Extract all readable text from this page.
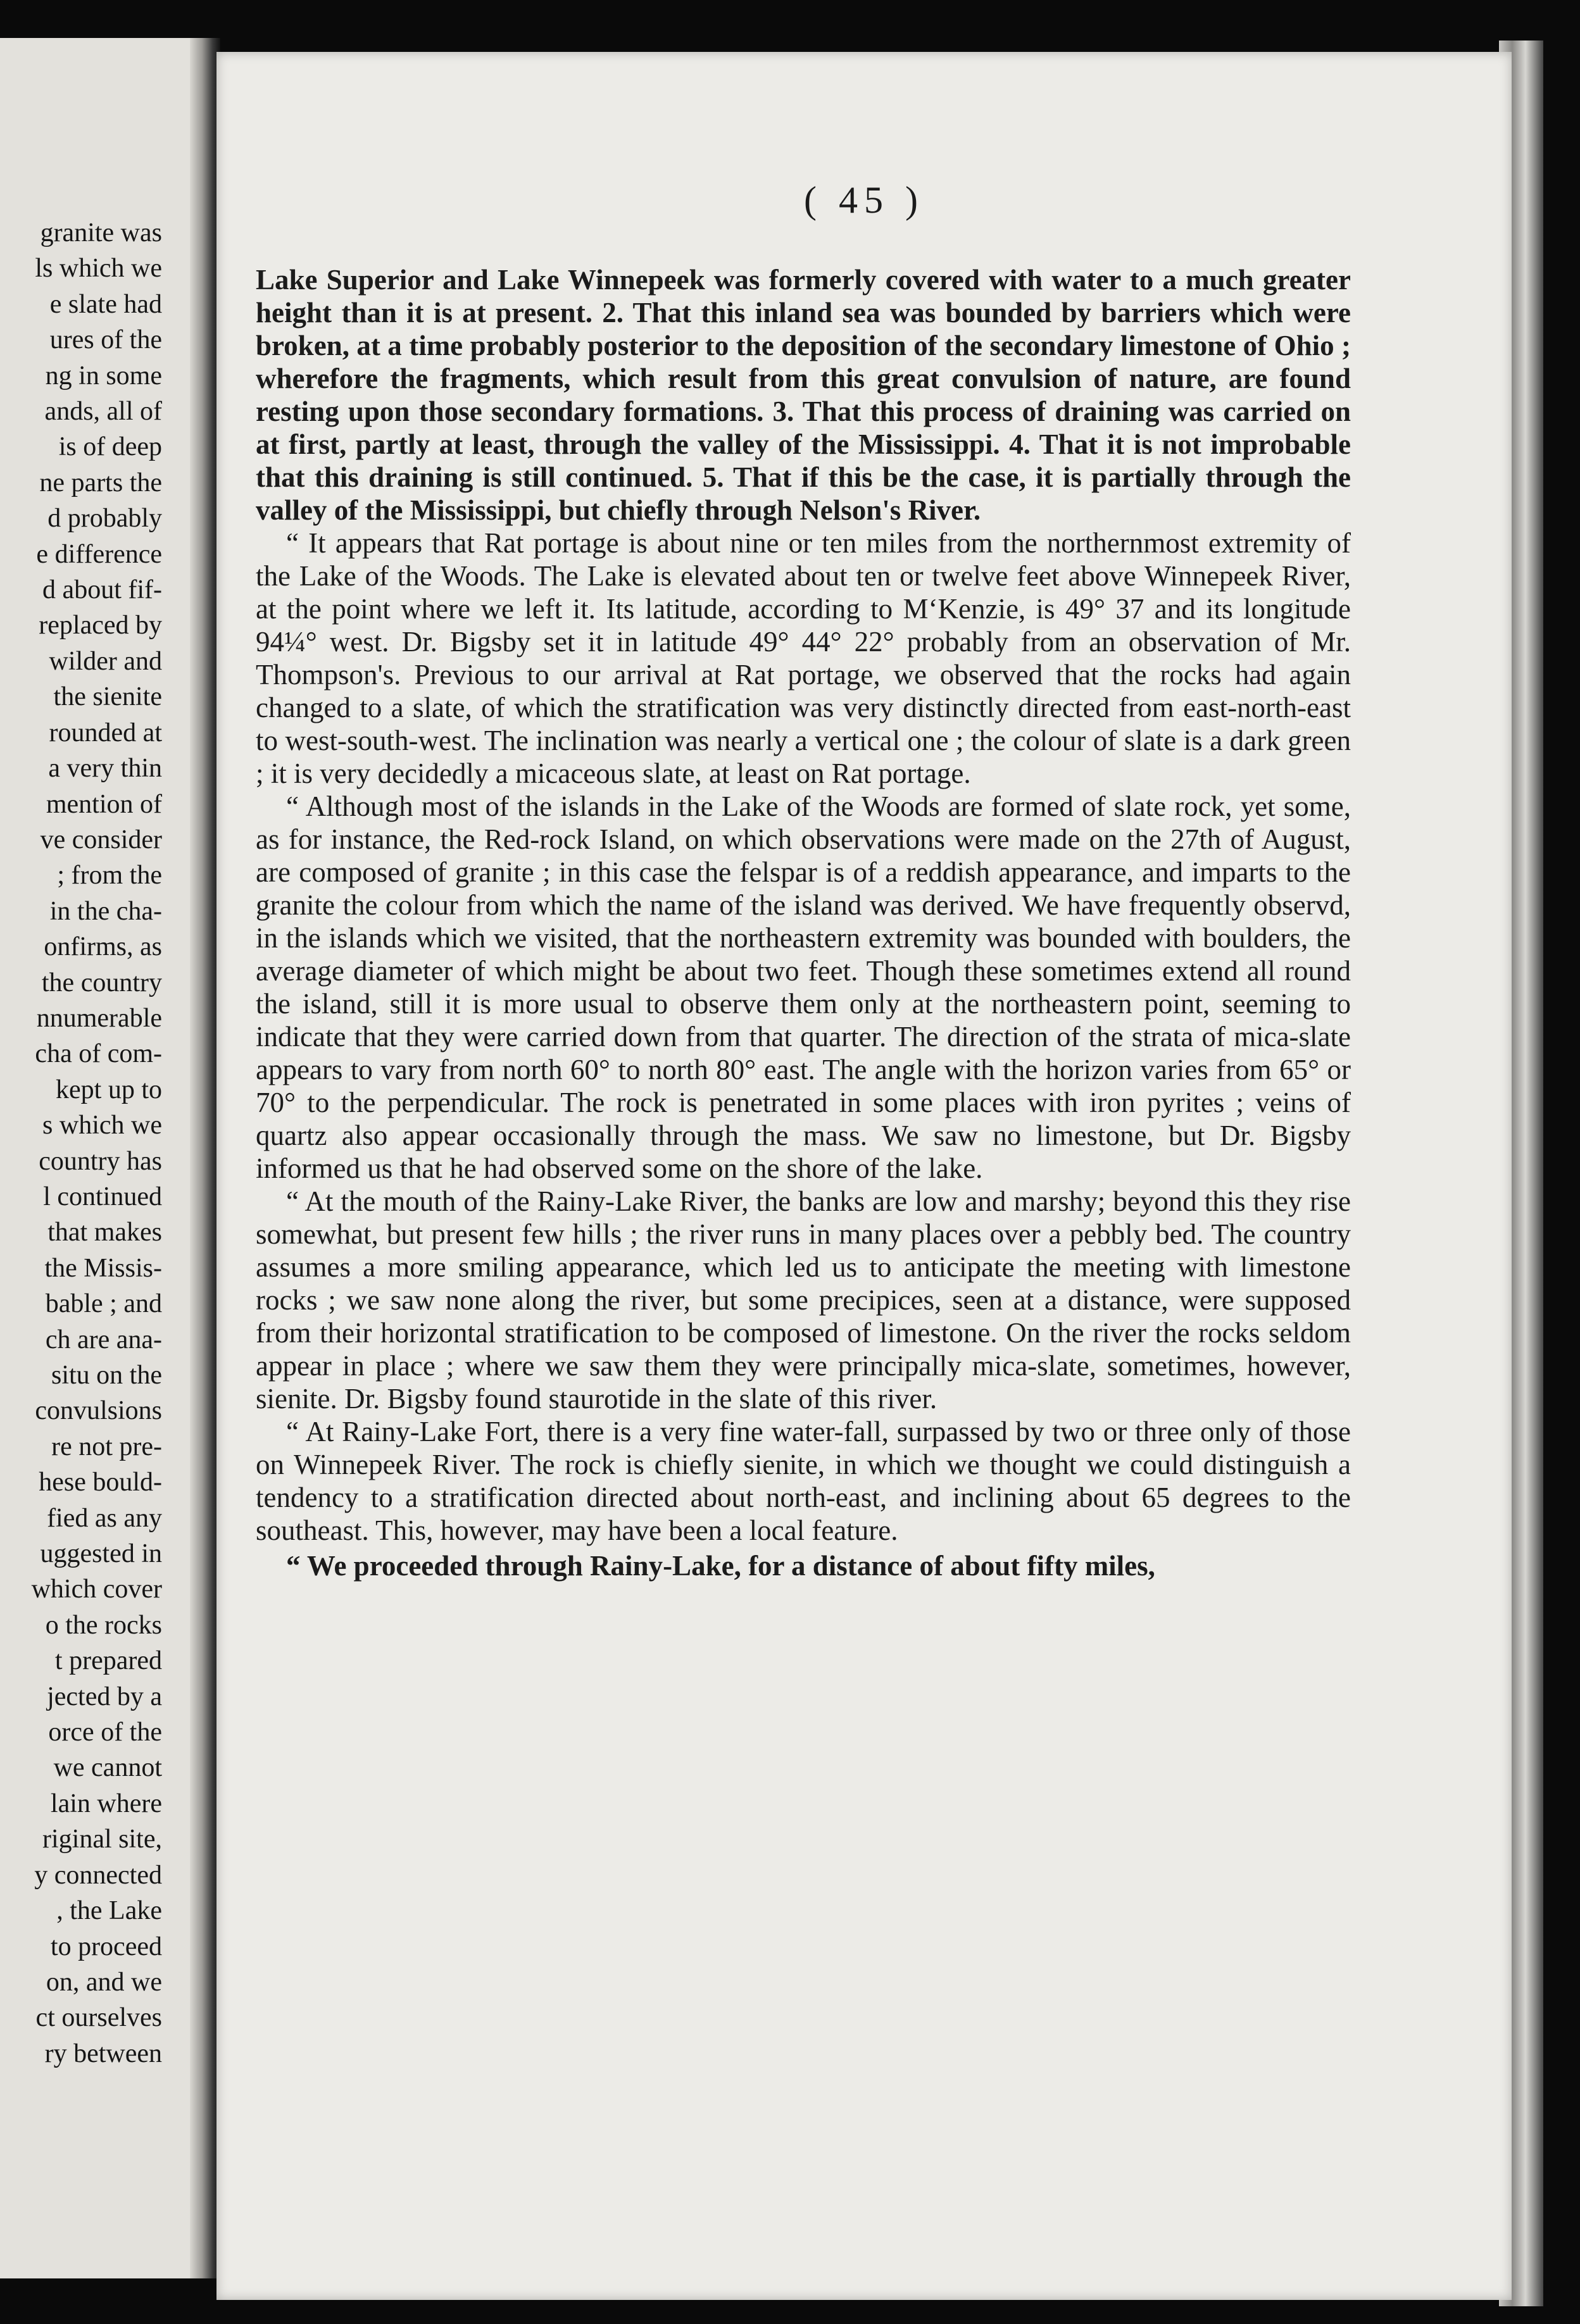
granite was
ls which we
e slate had
ures of the
ng in some
ands, all of
is of deep
ne parts the
d probably
e difference
d about fif-
replaced by
wilder and
the sienite
rounded at
a very thin
mention of
ve consider
; from the
in the cha-
onfirms, as
the country
nnumerable
cha of com-
kept up to
s which we
country has
l continued
that makes
the Missis-
bable ; and
ch are ana-
situ on the
convulsions
re not pre-
hese bould-
fied as any
uggested in
which cover
o the rocks
t prepared
jected by a
orce of the
we cannot
lain where
riginal site,
y connected
, the Lake
to proceed
on, and we
ct ourselves
ry between
( 45 )

Lake Superior and Lake Winnepeek was formerly covered with water to a much greater height than it is at present. 2. That this inland sea was bounded by barriers which were broken, at a time probably posterior to the deposition of the secondary limestone of Ohio ; wherefore the fragments, which result from this great convulsion of nature, are found resting upon those secondary formations. 3. That this process of draining was carried on at first, partly at least, through the valley of the Mississippi. 4. That it is not improbable that this draining is still continued. 5. That if this be the case, it is partially through the valley of the Mississippi, but chiefly through Nelson's River.

“ It appears that Rat portage is about nine or ten miles from the northernmost extremity of the Lake of the Woods. The Lake is elevated about ten or twelve feet above Winnepeek River, at the point where we left it. Its latitude, according to M‘Kenzie, is 49° 37 and its longitude 94¼° west. Dr. Bigsby set it in latitude 49° 44° 22° probably from an observation of Mr. Thompson's. Previous to our arrival at Rat portage, we observed that the rocks had again changed to a slate, of which the stratification was very distinctly directed from east-north-east to west-south-west. The inclination was nearly a vertical one ; the colour of slate is a dark green ; it is very decidedly a micaceous slate, at least on Rat portage.

“ Although most of the islands in the Lake of the Woods are formed of slate rock, yet some, as for instance, the Red-rock Island, on which observations were made on the 27th of August, are composed of granite ; in this case the felspar is of a reddish appearance, and imparts to the granite the colour from which the name of the island was derived. We have frequently observd, in the islands which we visited, that the northeastern extremity was bounded with boulders, the average diameter of which might be about two feet. Though these sometimes extend all round the island, still it is more usual to observe them only at the northeastern point, seeming to indicate that they were carried down from that quarter. The direction of the strata of mica-slate appears to vary from north 60° to north 80° east. The angle with the horizon varies from 65° or 70° to the perpendicular. The rock is penetrated in some places with iron pyrites ; veins of quartz also appear occasionally through the mass. We saw no limestone, but Dr. Bigsby informed us that he had observed some on the shore of the lake.

“ At the mouth of the Rainy-Lake River, the banks are low and marshy; beyond this they rise somewhat, but present few hills ; the river runs in many places over a pebbly bed. The country assumes a more smiling appearance, which led us to anticipate the meeting with limestone rocks ; we saw none along the river, but some precipices, seen at a distance, were supposed from their horizontal stratification to be composed of limestone. On the river the rocks seldom appear in place ; where we saw them they were principally mica-slate, sometimes, however, sienite. Dr. Bigsby found staurotide in the slate of this river.

“ At Rainy-Lake Fort, there is a very fine water-fall, surpassed by two or three only of those on Winnepeek River. The rock is chiefly sienite, in which we thought we could distinguish a tendency to a stratification directed about north-east, and inclining about 65 degrees to the southeast. This, however, may have been a local feature.

“ We proceeded through Rainy-Lake, for a distance of about fifty miles,
